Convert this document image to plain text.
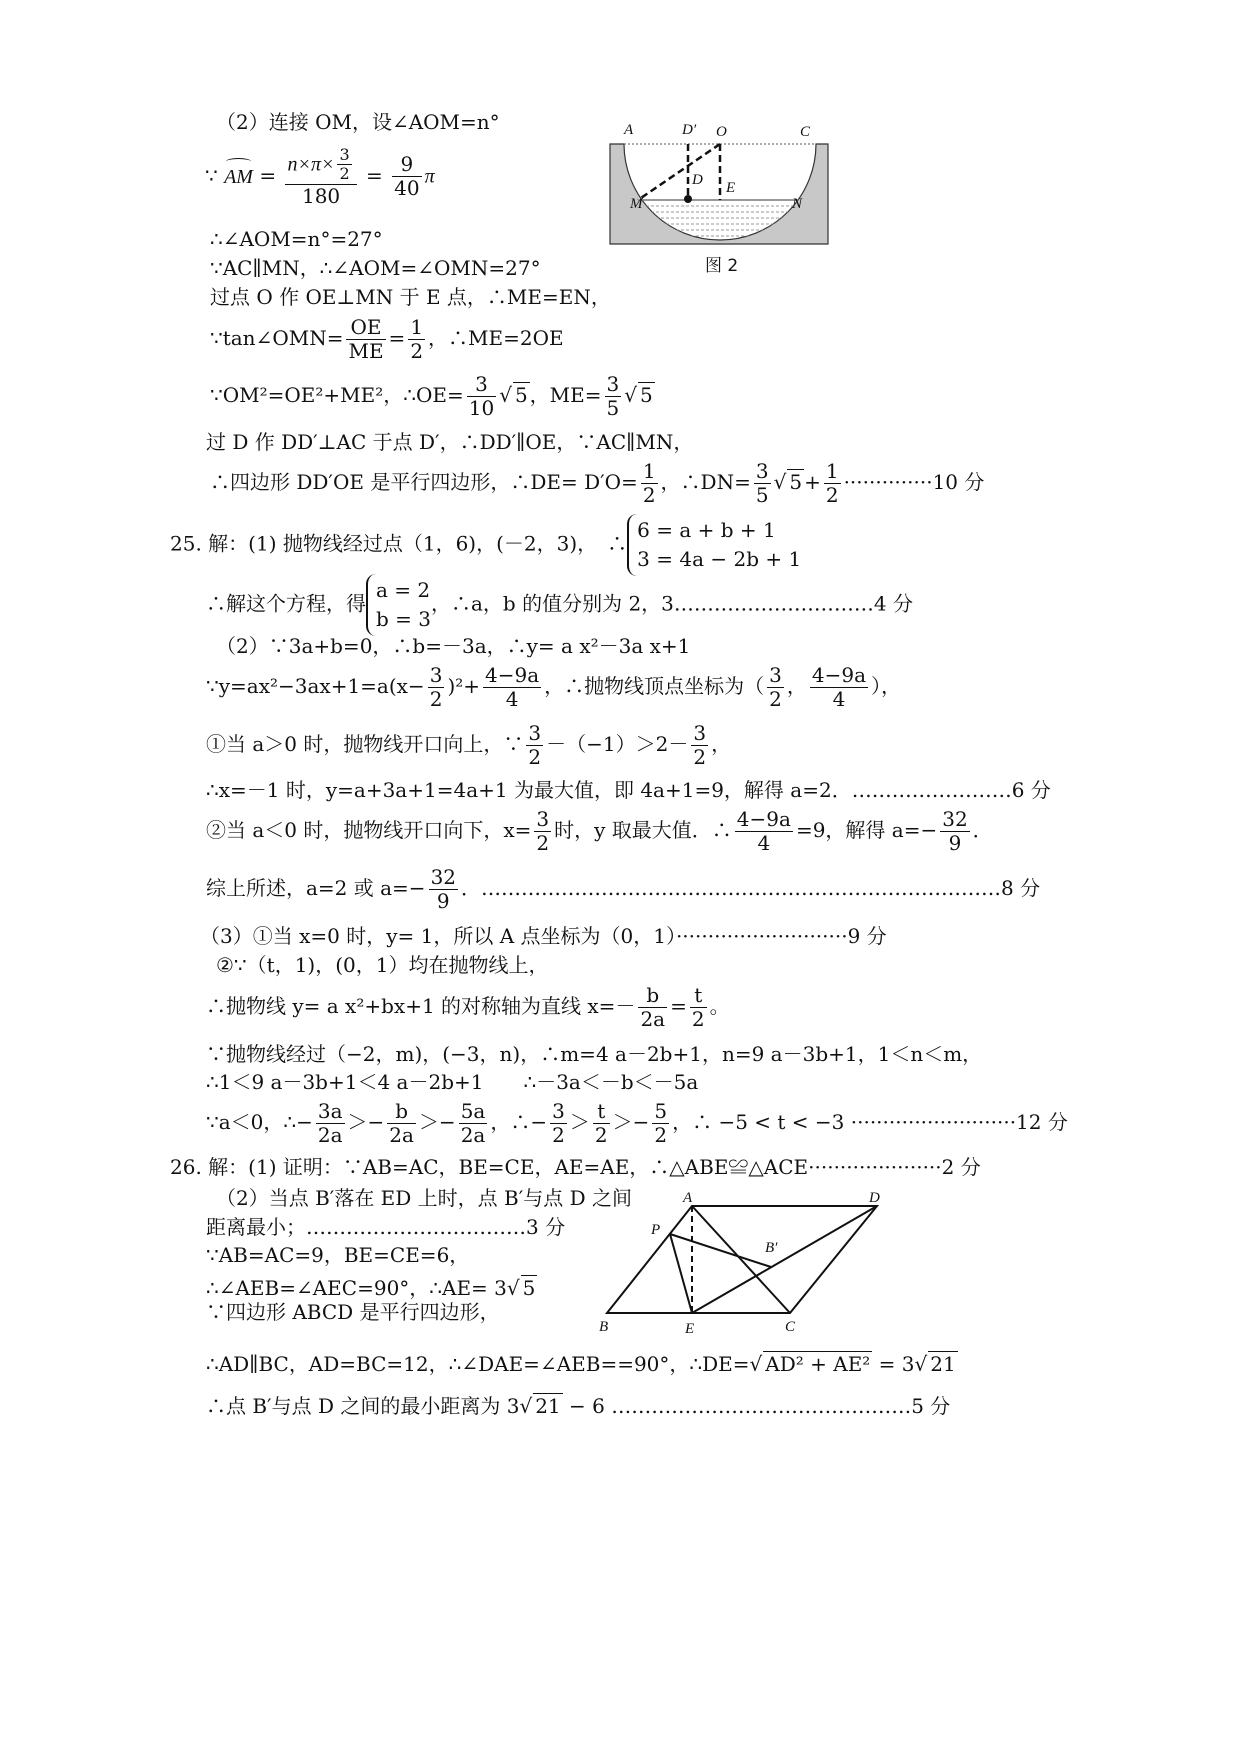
A	D′ O	C
D E
M	N
图 2
（2）连接 OM，设∠AOM=n°
∵ AM = $\frac{n\times\pi\times \frac{3}{2}}{180} = \frac{9}{40}$ π
∴∠AOM=n°=27°
∵AC∥MN，∴∠AOM=∠OMN=27°
过点 O 作 OE⊥MN 于 E 点，∴ME=EN，
∵tan∠OMN= $\frac{OE}{ME} = \frac{1}{2}$ ，∴ME=2OE
∵OM²=OE²+ME²，∴OE= $\frac{3}{10}$ √ 5 ，$ME= \frac{3}{5}$ √ 5
过 D 作 DD′⊥AC 于点 D′，∴DD′∥OE，∵AC∥MN，
∴四边形 DD′OE 是平行四边形，∴DE= $D'O= \frac{1}{2}$ ，∴DN= $\frac{3}{5}$ √ $5 + \frac{1}{2} \cdot\cdot\cdot\cdot\cdot\cdot\cdot\cdot\cdot\cdot\cdot\cdot\cdot\cdot 10$ 分
25. 解：(1) 抛物线经过点（1，6)，(－2，3)，　∴6 = a + b + 1
3 = 4a − 2b + 1
∴解这个方程，得a = 2
b = 3，∴a，b 的值分别为 2，3…………………………4 分
（2）∵3a+b=0，∴b=－3a，∴y= a x²－3a x+1
∵y=ax²−3ax+1=a(x− $\frac{3}{2} )^2+ \frac{4-9a}{4}$ ，∴抛物线顶点坐标为（ $\frac{3}{2}$ ， $\frac{4-9a}{4}$ ），
①当 a＞0 时，抛物线开口向上，∵ $\frac{3}{2} -(-1)>2- \frac{3}{2}$ ，
∴x=－1 时，y=a+3a+1=4a+1 为最大值，即 4a+1=9，解得 a=2．……………………6 分
②当 a＜0 时，抛物线开口向下，$x= \frac{3}{2}$ 时，y 取最大值．∴ $\frac{4-9a}{4} =9$，解得 $a=- \frac{32}{9}$ ．
综上所述，a=2 或 $a=- \frac{32}{9}$ ．……………………………………………………………………8 分
（3）①当 x=0 时，y= 1，所以 A 点坐标为（0，1）···························9 分
②∵（t，1)，(0，1）均在抛物线上，
∴抛物线 y= a x²+bx+1 的对称轴为直线 $x=- \frac{b}{2a} = \frac{t}{2}$ 。
∵抛物线经过（−2，m)，(−3，n)，∴m=4 a－2b+1，n=9 a－3b+1，1＜n＜m，
∴1＜9 a－3b+1＜4 a－2b+1　　∴－3a＜－b＜－5a
∵a＜0，∴− $\frac{3a}{2a} >- \frac{b}{2a} >- \frac{5a}{2a}$ ，∴− $\frac{3}{2} > \frac{t}{2} >- \frac{5}{2}$ ，∴ −5 < t < −3 ··························12 分
26. 解：(1) 证明：∵AB=AC，BE=CE，AE=AE，∴△ABE≌△ACE·····················2 分
（2）当点 B′落在 ED 上时，点 B′与点 D 之间
距离最小；……………………………3 分
∵AB=AC=9，BE=CE=6，
∴∠AEB=∠AEC=90°，∴AE= 3√ 5
∵四边形 ABCD 是平行四边形，
A	D
P
B′
B	E	C
∴AD∥BC，AD=BC=12，∴∠DAE=∠AEB==90°，∴DE=√ AD² + AE² = 3√ 21
∴点 B′与点 D 之间的最小距离为 3√ 21 − 6 ………………………………………5 分
